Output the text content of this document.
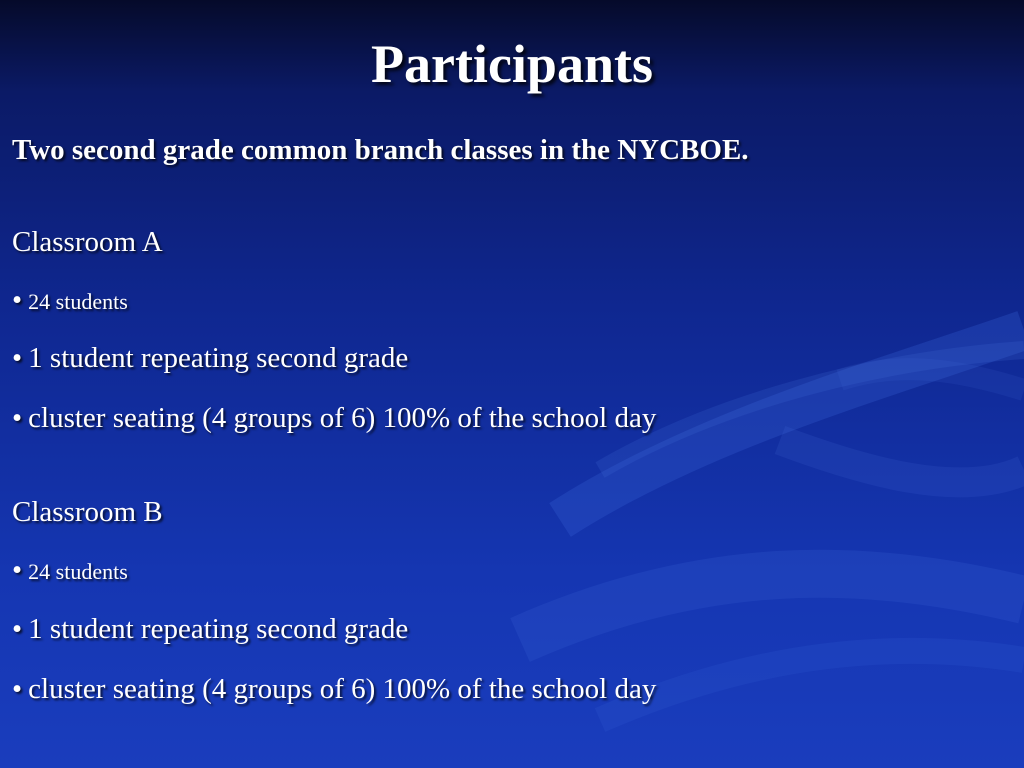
Participants

Two second grade common branch classes in the NYCBOE.

Classroom A

• 24 students

• 1 student repeating second grade

• cluster seating (4 groups of 6) 100% of the school day

Classroom B

• 24 students

• 1 student repeating second grade

• cluster seating (4 groups of 6) 100% of the school day
